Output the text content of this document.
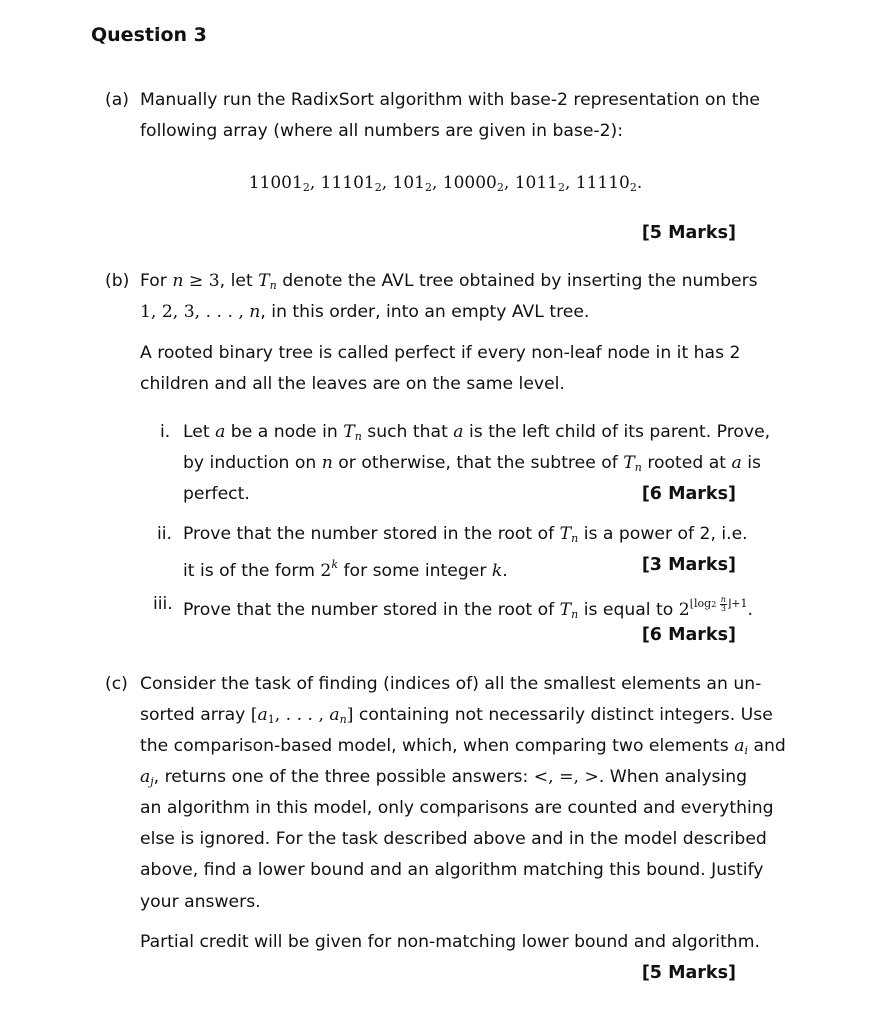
Question 3
(a) Manually run the RadixSort algorithm with base-2 representation on the
following array (where all numbers are given in base-2):
$11001_2$, $11101_2$, $101_2$, $10000_2$, $1011_2$, $11110_2$.
[5 Marks]
(b) For n ≥ 3, let $T_n$ denote the AVL tree obtained by inserting the numbers
1, 2, 3, . . . , n, in this order, into an empty AVL tree.
A rooted binary tree is called perfect if every non-leaf node in it has 2
children and all the leaves are on the same level.
i. Let a be a node in $T_n$ such that a is the left child of its parent. Prove,
by induction on n or otherwise, that the subtree of $T_n$ rooted at a is
perfect.	[6 Marks]
ii. Prove that the number stored in the root of $T_n$ is a power of 2, i.e.
it is of the form 2$^k$ for some integer k.	[3 Marks]
iii. Prove that the number stored in the root of $T_n$ is equal to $2^{⌊log2 \frac{n}{3} ⌋+1}$.
[6 Marks]
(c) Consider the task of finding (indices of) all the smallest elements an un-
sorted array [$a_1$, . . . , $a_n$] containing not necessarily distinct integers. Use
the comparison-based model, which, when comparing two elements $a_i$ and
$a_j$, returns one of the three possible answers: <, =, >. When analysing
an algorithm in this model, only comparisons are counted and everything
else is ignored. For the task described above and in the model described
above, find a lower bound and an algorithm matching this bound. Justify
your answers.
Partial credit will be given for non-matching lower bound and algorithm.
[5 Marks]
